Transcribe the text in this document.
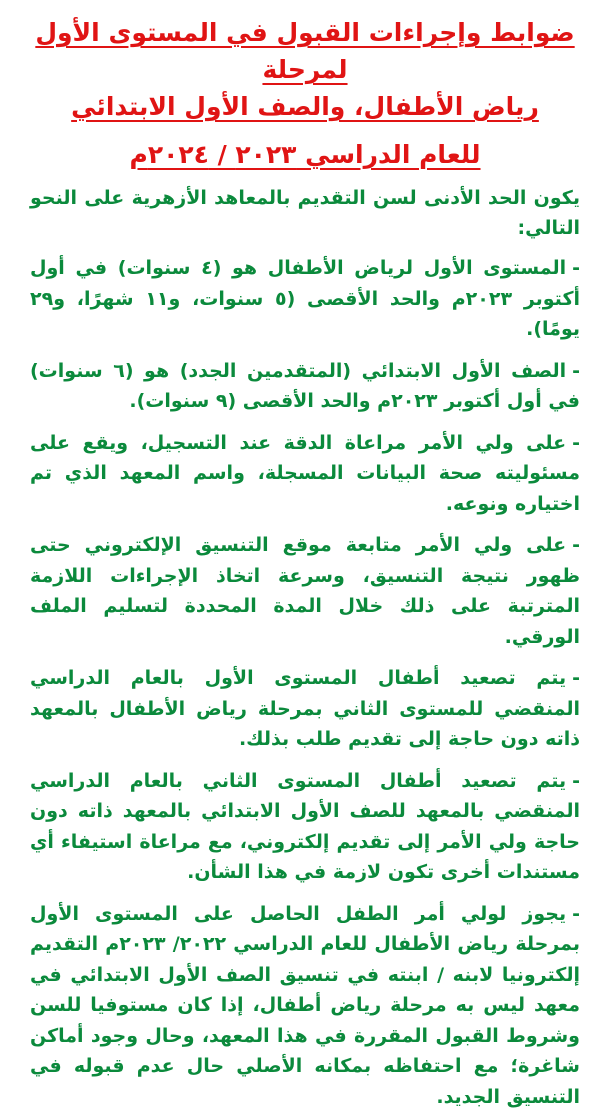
ضوابط وإجراءات القبول في المستوى الأول لمرحلة
رياض الأطفال، والصف الأول الابتدائي
للعام الدراسي ٢٠٢٣ / ٢٠٢٤م

يكون الحد الأدنى لسن التقديم بالمعاهد الأزهرية على النحو التالي:

-المستوى الأول لرياض الأطفال هو (٤ سنوات) في أول أكتوبر ٢٠٢٣م والحد الأقصى (٥ سنوات، و١١ شهرًا، و٢٩ يومًا).

-الصف الأول الابتدائي (المتقدمين الجدد) هو (٦ سنوات) في أول أكتوبر ٢٠٢٣م والحد الأقصى (٩ سنوات).

-على ولي الأمر مراعاة الدقة عند التسجيل، ويقع على مسئوليته صحة البيانات المسجلة، واسم المعهد الذي تم اختياره ونوعه.

-على ولي الأمر متابعة موقع التنسيق الإلكتروني حتى ظهور نتيجة التنسيق، وسرعة اتخاذ الإجراءات اللازمة المترتبة على ذلك خلال المدة المحددة لتسليم الملف الورقي.

-يتم تصعيد أطفال المستوى الأول بالعام الدراسي المنقضي للمستوى الثاني بمرحلة رياض الأطفال بالمعهد ذاته دون حاجة إلى تقديم طلب بذلك.

-يتم تصعيد أطفال المستوى الثاني بالعام الدراسي المنقضي بالمعهد للصف الأول الابتدائي بالمعهد ذاته دون حاجة ولي الأمر إلى تقديم إلكتروني، مع مراعاة استيفاء أي مستندات أخرى تكون لازمة في هذا الشأن.

-يجوز لولي أمر الطفل الحاصل على المستوى الأول بمرحلة رياض الأطفال للعام الدراسي ٢٠٢٢/ ٢٠٢٣م التقديم إلكترونيا لابنه / ابنته في تنسيق الصف الأول الابتدائي في معهد ليس به مرحلة رياض أطفال، إذا كان مستوفيا للسن وشروط القبول المقررة في هذا المعهد، وحال وجود أماكن شاغرة؛ مع احتفاظه بمكانه الأصلي حال عدم قبوله في التنسيق الجديد.
